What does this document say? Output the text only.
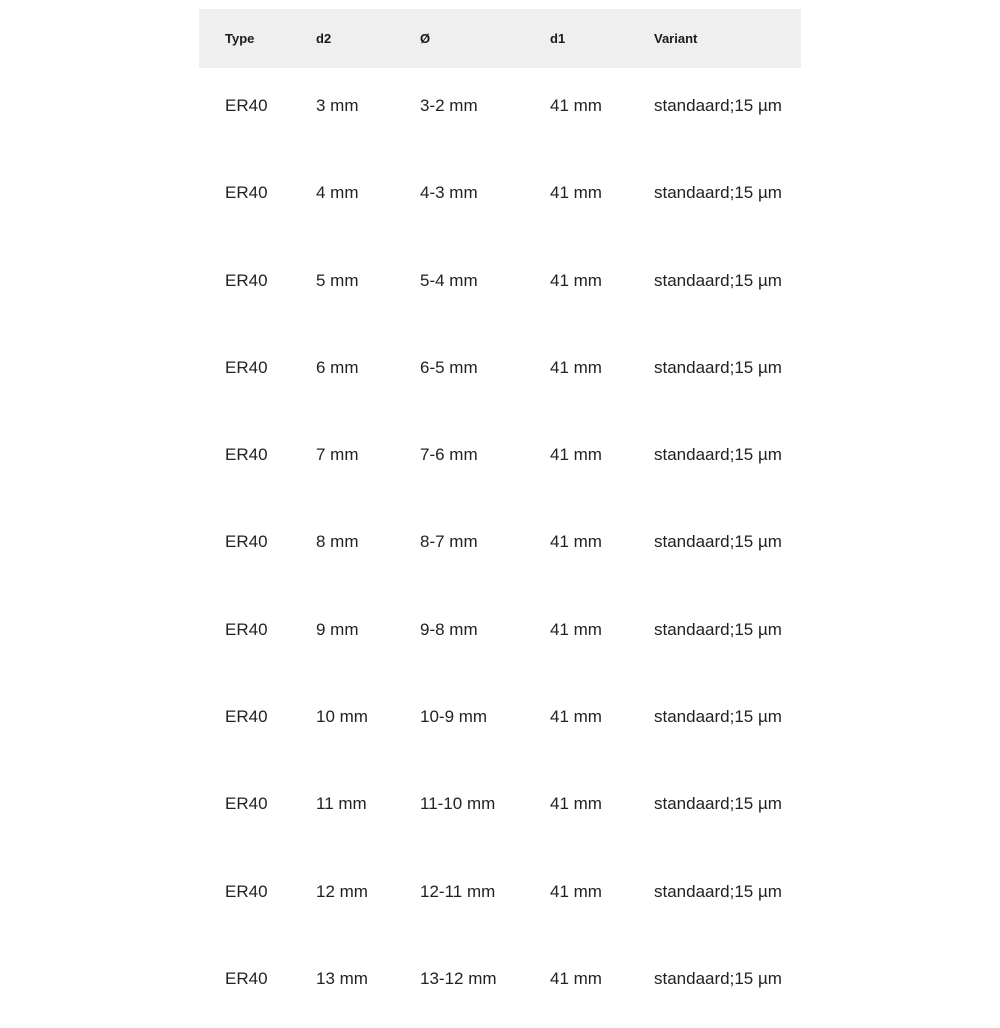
Type	d2	Ø	d1	Variant
ER40	3 mm	3-2 mm	41 mm	standaard;15 µm
ER40	4 mm	4-3 mm	41 mm	standaard;15 µm
ER40	5 mm	5-4 mm	41 mm	standaard;15 µm
ER40	6 mm	6-5 mm	41 mm	standaard;15 µm
ER40	7 mm	7-6 mm	41 mm	standaard;15 µm
ER40	8 mm	8-7 mm	41 mm	standaard;15 µm
ER40	9 mm	9-8 mm	41 mm	standaard;15 µm
ER40	10 mm	10-9 mm	41 mm	standaard;15 µm
ER40	11 mm	11-10 mm	41 mm	standaard;15 µm
ER40	12 mm	12-11 mm	41 mm	standaard;15 µm
ER40	13 mm	13-12 mm	41 mm	standaard;15 µm
